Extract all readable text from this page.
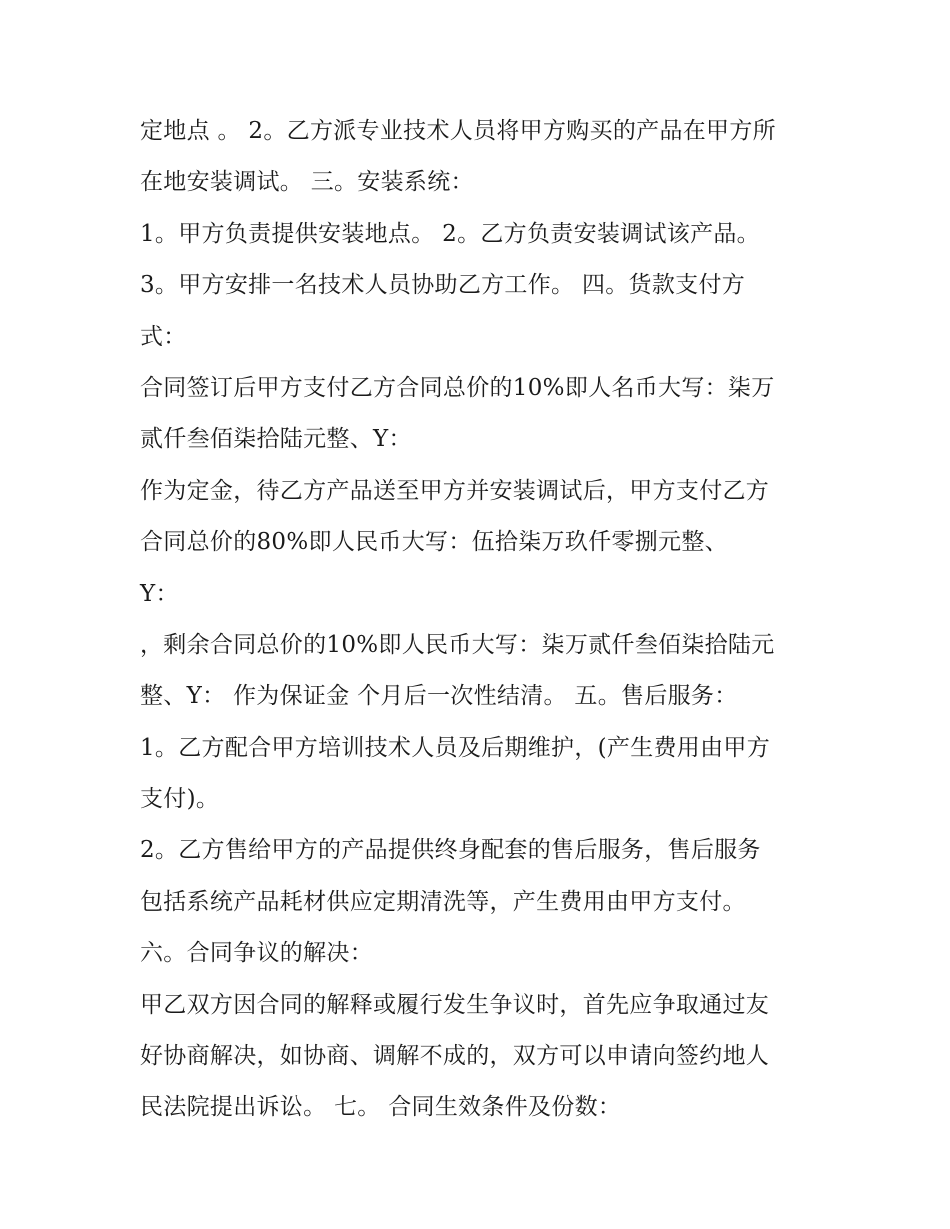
定地点 。 2。乙方派专业技术人员将甲方购买的产品在甲方所
在地安装调试。 三。安装系统：
1。甲方负责提供安装地点。 2。乙方负责安装调试该产品。
3。甲方安排一名技术人员协助乙方工作。 四。货款支付方
式：
合同签订后甲方支付乙方合同总价的10%即人名币大写：柒万
贰仟叁佰柒拾陆元整、Y：
作为定金，待乙方产品送至甲方并安装调试后，甲方支付乙方
合同总价的80%即人民币大写：伍拾柒万玖仟零捌元整、
Y：
，剩余合同总价的10%即人民币大写：柒万贰仟叁佰柒拾陆元
整、Y： 作为保证金 个月后一次性结清。 五。售后服务：
1。乙方配合甲方培训技术人员及后期维护，(产生费用由甲方
支付)。
2。乙方售给甲方的产品提供终身配套的售后服务，售后服务
包括系统产品耗材供应定期清洗等，产生费用由甲方支付。
六。合同争议的解决：
甲乙双方因合同的解释或履行发生争议时，首先应争取通过友
好协商解决，如协商、调解不成的，双方可以申请向签约地人
民法院提出诉讼。 七。 合同生效条件及份数：
